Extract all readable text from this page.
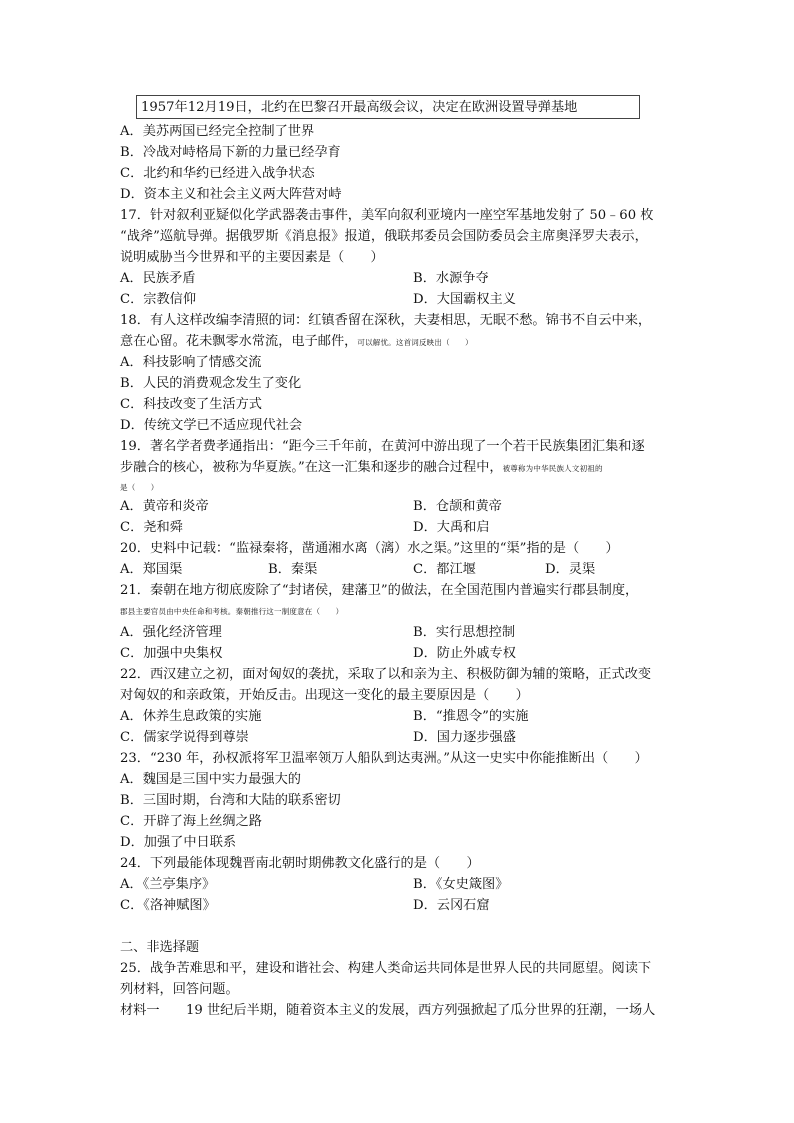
1957年12月19日，北约在巴黎召开最高级会议，决定在欧洲设置导弹基地
A．美苏两国已经完全控制了世界
B．冷战对峙格局下新的力量已经孕育
C．北约和华约已经进入战争状态
D．资本主义和社会主义两大阵营对峙
17．针对叙利亚疑似化学武器袭击事件，美军向叙利亚境内一座空军基地发射了 50﹣60 枚
“战斧”巡航导弹。据俄罗斯《消息报》报道，俄联邦委员会国防委员会主席奥泽罗夫表示，
说明威胁当今世界和平的主要因素是（　　）
A．民族矛盾	B．水源争夺
C．宗教信仰	D．大国霸权主义
18．有人这样改编李清照的词：红镇香留在深秋，夫妻相思，无眠不愁。锦书不自云中来，
意在心留。花未飘零水常流，电子邮件，可以解忧。这首词反映出（　　）
A．科技影响了情感交流
B．人民的消费观念发生了变化
C．科技改变了生活方式
D．传统文学已不适应现代社会
19．著名学者费孝通指出：“距今三千年前，在黄河中游出现了一个若干民族集团汇集和逐
步融合的核心，被称为华夏族。”在这一汇集和逐步的融合过程中，被尊称为中华民族人文初祖的
是（　　）
A．黄帝和炎帝	B．仓颉和黄帝
C．尧和舜	D．大禹和启
20．史料中记载：“监禄秦将，凿通湘水离（漓）水之渠。”这里的“渠”指的是（　　）
A．郑国渠	B．秦渠	C．都江堰	D．灵渠
21．秦朝在地方彻底废除了“封诸侯，建藩卫”的做法，在全国范围内普遍实行郡县制度，
郡县主要官员由中央任命和考核。秦朝推行这一制度意在（　　）
A．强化经济管理	B．实行思想控制
C．加强中央集权	D．防止外戚专权
22．西汉建立之初，面对匈奴的袭扰，采取了以和亲为主、积极防御为辅的策略，正式改变
对匈奴的和亲政策，开始反击。出现这一变化的最主要原因是（　　）
A．休养生息政策的实施	B．“推恩令”的实施
C．儒家学说得到尊崇	D．国力逐步强盛
23．“230 年，孙权派将军卫温率领万人船队到达夷洲。”从这一史实中你能推断出（　　）
A．魏国是三国中实力最强大的
B．三国时期，台湾和大陆的联系密切
C．开辟了海上丝绸之路
D．加强了中日联系
24．下列最能体现魏晋南北朝时期佛教文化盛行的是（　　）
A．《兰亭集序》	B．《女史箴图》
C．《洛神赋图》	D．云冈石窟
二、非选择题
25．战争苦难思和平，建设和谐社会、构建人类命运共同体是世界人民的共同愿望。阅读下
列材料，回答问题。
材料一 19 世纪后半期，随着资本主义的发展，西方列强掀起了瓜分世界的狂潮，一场人
